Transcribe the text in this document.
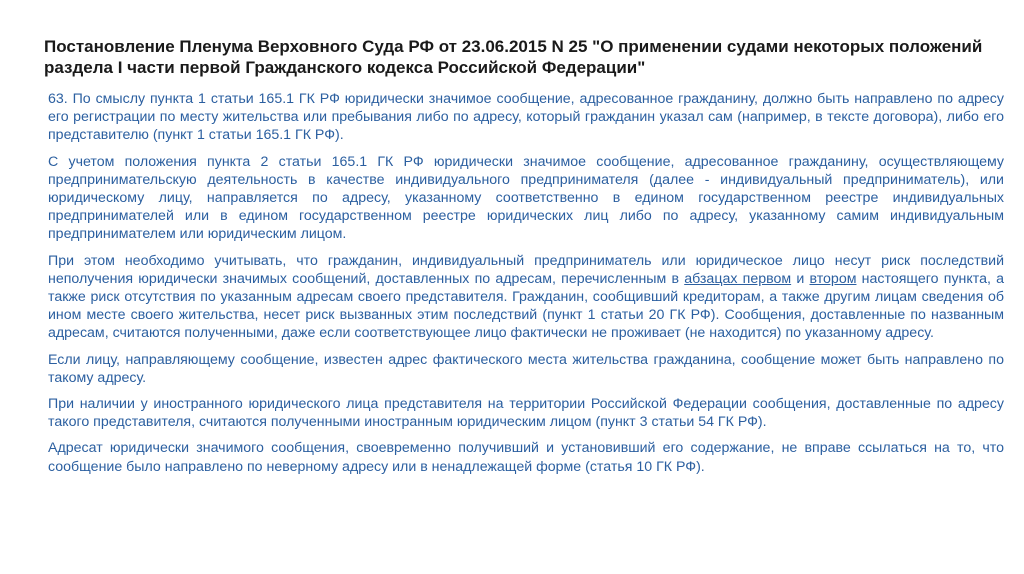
Постановление Пленума Верховного Суда РФ от 23.06.2015 N 25 "О применении судами некоторых положений раздела I части первой Гражданского кодекса Российской Федерации"

63. По смыслу пункта 1 статьи 165.1 ГК РФ юридически значимое сообщение, адресованное гражданину, должно быть направлено по адресу его регистрации по месту жительства или пребывания либо по адресу, который гражданин указал сам (например, в тексте договора), либо его представителю (пункт 1 статьи 165.1 ГК РФ).

С учетом положения пункта 2 статьи 165.1 ГК РФ юридически значимое сообщение, адресованное гражданину, осуществляющему предпринимательскую деятельность в качестве индивидуального предпринимателя (далее - индивидуальный предприниматель), или юридическому лицу, направляется по адресу, указанному соответственно в едином государственном реестре индивидуальных предпринимателей или в едином государственном реестре юридических лиц либо по адресу, указанному самим индивидуальным предпринимателем или юридическим лицом.

При этом необходимо учитывать, что гражданин, индивидуальный предприниматель или юридическое лицо несут риск последствий неполучения юридически значимых сообщений, доставленных по адресам, перечисленным в абзацах первом и втором настоящего пункта, а также риск отсутствия по указанным адресам своего представителя. Гражданин, сообщивший кредиторам, а также другим лицам сведения об ином месте своего жительства, несет риск вызванных этим последствий (пункт 1 статьи 20 ГК РФ). Сообщения, доставленные по названным адресам, считаются полученными, даже если соответствующее лицо фактически не проживает (не находится) по указанному адресу.

Если лицу, направляющему сообщение, известен адрес фактического места жительства гражданина, сообщение может быть направлено по такому адресу.

При наличии у иностранного юридического лица представителя на территории Российской Федерации сообщения, доставленные по адресу такого представителя, считаются полученными иностранным юридическим лицом (пункт 3 статьи 54 ГК РФ).

Адресат юридически значимого сообщения, своевременно получивший и установивший его содержание, не вправе ссылаться на то, что сообщение было направлено по неверному адресу или в ненадлежащей форме (статья 10 ГК РФ).
